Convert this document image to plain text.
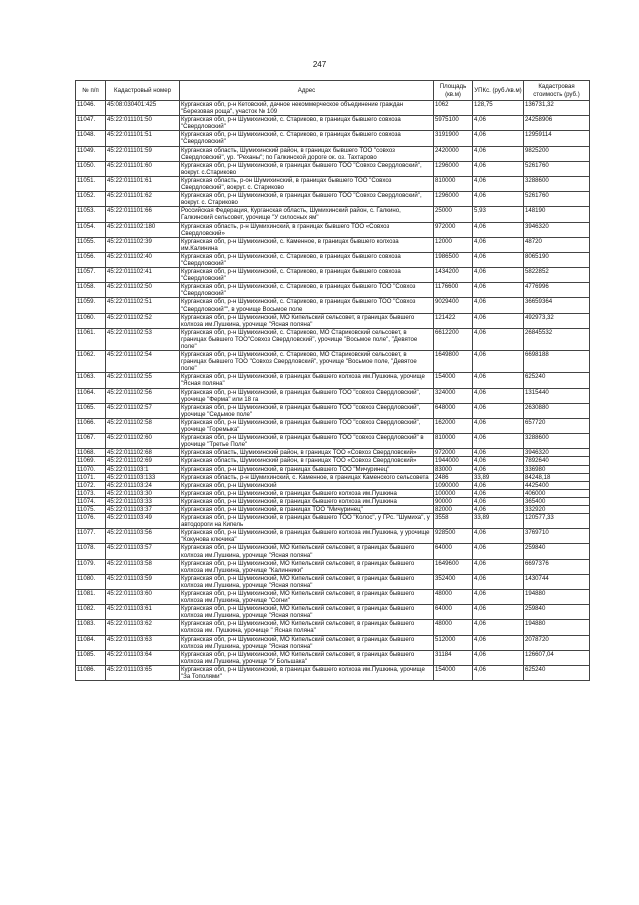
247
№ п/п	Кадастровый номер	Адрес	Площадь (кв.м)	УПКс. (руб./кв.м)	Кадастровая стоимость (руб.)
11046.	45:08:030401:425	Курганская обл, р-н Кетовский, дачное некоммерческое объединение граждан "Березовая роща", участок № 109	1062	128,75	136731,32
11047.	45:22:011101:50	Курганская обл, р-н Шумихинский, с. Стариково, в границах бывшего совхоза "Свердловский"	5975100	4,06	24258906
11048.	45:22:011101:51	Курганская обл, р-н Шумихинский, с. Стариково, в границах бывшего совхоза "Свердловский"	3191900	4,06	12959114
11049.	45:22:011101:59	Курганская область, Шумихинский район, в границах бывшего ТОО "совхоз Свердловский", ур. "Реханы"; по Галкинской дороге ок. оз. Тахтарово	2420000	4,06	9825200
11050.	45:22:011101:60	Курганская обл, р-н Шумихинский, в границах бывшего ТОО "Совхоз Свердловский", вокруг. с.Стариково	1296000	4,06	5261760
11051.	45:22:011101:61	Курганская область, р-он Шумихинский, в границах бывшего ТОО "Совхоз Свердловский", вокруг. с. Стариково	810000	4,06	3288600
11052.	45:22:011101:62	Курганская обл, р-н Шумихинский, в границах бывшего ТОО "Совхоз Свердловский", вокруг. с. Стариково	1296000	4,06	5261760
11053.	45:22:011101:66	Российская Федерация, Курганская область, Шумихинский район, с. Галкино, Галкинский сельсовет, урочище "У силосных ям"	25000	5,93	148190
11054.	45:22:011102:180	Курганская область, р-н Шумихинский, в границах бывшего ТОО «Совхоз Свердловский»	972000	4,06	3946320
11055.	45:22:011102:39	Курганская обл, р-н Шумихинский, с. Каменное, в границах бывшего колхоза им.Калинина	12000	4,06	48720
11056.	45:22:011102:40	Курганская обл, р-н Шумихинский, с. Стариково, в границах бывшего совхоза "Свердловский"	1986500	4,06	8065190
11057.	45:22:011102:41	Курганская обл, р-н Шумихинский, с. Стариково, в границах бывшего совхоза "Свердловский"	1434200	4,06	5822852
11058.	45:22:011102:50	Курганская обл, р-н Шумихинский, с. Стариково, в границах бывшего ТОО "Совхоз "Свердловский"	1176600	4,06	4776996
11059.	45:22:011102:51	Курганская обл, р-н Шумихинский, с. Стариково, в границах бывшего ТОО "Совхоз "Свердловский"", в урочище Восьмое поле	9029400	4,06	36659364
11060.	45:22:011102:52	Курганская обл, р-н Шумихинский, МО Кипельский сельсовет, в границах бывшего колхоза им.Пушкина, урочище "Ясная поляна"	121422	4,06	492973,32
11061.	45:22:011102:53	Курганская обл, р-н Шумихинский, с. Стариково, МО Стариковский сельсовет, в границах бывшего ТОО"Совхоз Свердловский", урочище "Восьмое поле", "Девятое поле"	6612200	4,06	26845532
11062.	45:22:011102:54	Курганская обл, р-н Шумихинский, с. Стариково, МО Стариковский сельсовет, в границах бывшего ТОО "Совхоз Свердловский", урочище "Восьмое поле, "Девятое поле"	1649800	4,06	6698188
11063.	45:22:011102:55	Курганская обл, р-н Шумихинский, в границах бывшего колхоза им.Пушкина, урочище "Ясная поляна"	154000	4,06	625240
11064.	45:22:011102:56	Курганская обл, р-н Шумихинский, в границах бывшего ТОО "совхоз Свердловский", урочище "Ферма" или 18 га	324000	4,06	1315440
11065.	45:22:011102:57	Курганская обл, р-н Шумихинский, в границах бывшего ТОО "совхоз Свердловский", урочище "Седьмое поле"	648000	4,06	2630880
11066.	45:22:011102:58	Курганская обл, р-н Шумихинский, в границах бывшего ТОО "совхоз Свердловский", урочище "Горемыка"	162000	4,06	657720
11067.	45:22:011102:60	Курганская обл, р-н Шумихинский, в границах бывшего ТОО "совхоз Свердловский" в урочище "Третье Поле"	810000	4,06	3288600
11068.	45:22:011102:68	Курганская область, Шумихинский район, в границах ТОО «Совхоз Свердловский»	972000	4,06	3946320
11069.	45:22:011102:69	Курганская область, Шумихинский район, в границах ТОО «Совхоз Свердловский»	1944000	4,06	7892640
11070.	45:22:011103:1	Курганская обл, р-н Шумихинский, в границах бывшего ТОО "Мичуринец"	83000	4,06	336980
11071.	45:22:011103:133	Курганская область, р-н Шумихинский, с. Каменное, в границах Каменского сельсовета	2486	33,89	84248,18
11072.	45:22:011103:24	Курганская обл, р-н Шумихинский	1090000	4,06	4425400
11073.	45:22:011103:30	Курганская обл, р-н Шумихинский, в границах бывшего колхоза им.Пушкина	100000	4,06	406000
11074.	45:22:011103:33	Курганская обл, р-н Шумихинский, в границах бывшего колхоза им.Пушкина	90000	4,06	365400
11075.	45:22:011103:37	Курганская обл, р-н Шумихинский, в границах ТОО "Мичуринец"	82000	4,06	332920
11076.	45:22:011103:49	Курганская обл, р-н Шумихинский, в границах бывшего ТОО "Колос", у ГРс. "Шумиха", у автодороги на Кипель	3558	33,89	120577,33
11077.	45:22:011103:56	Курганская обл, р-н Шумихинский, в границах бывшего колхоза им.Пушкина, у урочище "Кокунова ключика"	928500	4,06	3769710
11078.	45:22:011103:57	Курганская обл, р-н Шумихинский, МО Кипельский сельсовет, в границах бывшего колхоза им.Пушкина, урочище "Ясная поляна"	64000	4,06	259840
11079.	45:22:011103:58	Курганская обл, р-н Шумихинский, МО Кипельский сельсовет, в границах бывшего колхоза им.Пушкина, урочище "Калинники"	1649600	4,06	6697376
11080.	45:22:011103:59	Курганская обл, р-н Шумихинский, МО Кипельский сельсовет, в границах бывшего колхоза им.Пушкина, урочище "Ясная поляна"	352400	4,06	1430744
11081.	45:22:011103:60	Курганская обл, р-н Шумихинский, МО Кипельский сельсовет, в границах бывшего колхоза им.Пушкина, урочище "Согни"	48000	4,06	194880
11082.	45:22:011103:61	Курганская обл, р-н Шумихинский, МО Кипельский сельсовет, в границах бывшего колхоза им.Пушкина, урочище "Ясная поляна"	64000	4,06	259840
11083.	45:22:011103:62	Курганская обл, р-н Шумихинский, МО Кипельский сельсовет, в границах бывшего колхоза им. Пушкина, урочище " Ясная поляна"	48000	4,06	194880
11084.	45:22:011103:63	Курганская обл, р-н Шумихинский, МО Кипельский сельсовет, в границах бывшего колхоза им.Пушкина, урочище "Ясная поляна"	512000	4,06	2078720
11085.	45:22:011103:64	Курганская обл, р-н Шумихинский, МО Кипельский сельсовет, в границах бывшего колхоза им.Пушкина, урочище "У Большака"	31184	4,06	126607,04
11086.	45:22:011103:65	Курганская обл, р-н Шумихинский, в границах бывшего колхоза им.Пушкина, урочище "За Тополями"	154000	4,06	625240
